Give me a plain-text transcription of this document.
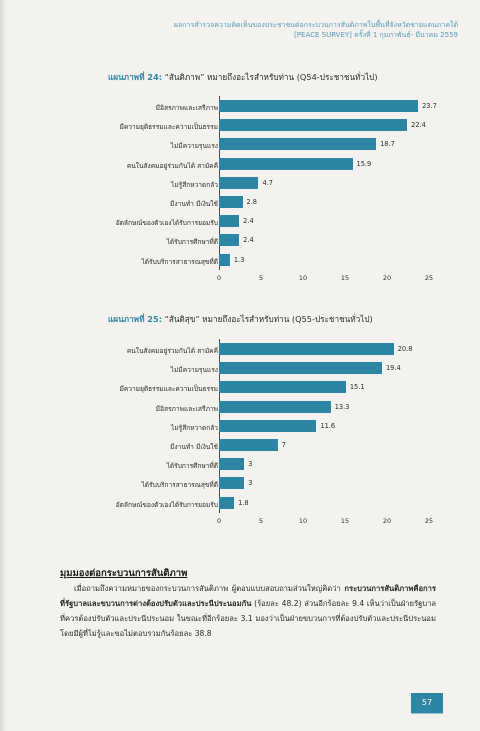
ผลการสำรวจความคิดเห็นของประชาชนต่อกระบวนการสันติภาพในพื้นที่จังหวัดชายแดนภาคใต้
[PEACE SURVEY] ครั้งที่ 1 กุมภาพันธ์- มีนาคม 2559
แผนภาพที่ 24: “สันติภาพ” หมายถึงอะไรสำหรับท่าน (Q54-ประชาชนทั่วไป)
มีอิสรภาพและเสรีภาพ	23.7
มีความยุติธรรมและความเป็นธรรม	22.4
ไม่มีความรุนแรง	18.7
คนในสังคมอยู่ร่วมกันได้ สามัคคี	15.9
ไม่รู้สึกหวาดกลัว	4.7
มีงานทำ มีเงินใช้	2.8
อัตลักษณ์ของตัวเองได้รับการยอมรับ	2.4
ได้รับการศึกษาที่ดี	2.4
ได้รับบริการสาธารณสุขที่ดี 1.3
0	5	10	15	20	25
แผนภาพที่ 25: “สันติสุข” หมายถึงอะไรสำหรับท่าน (Q55-ประชาชนทั่วไป)
คนในสังคมอยู่ร่วมกันได้ สามัคคี	20.8
ไม่มีความรุนแรง	19.4
มีความยุติธรรมและความเป็นธรรม	15.1
มีอิสรภาพและเสรีภาพ	13.3
ไม่รู้สึกหวาดกลัว	11.6
มีงานทำ มีเงินใช้	7
ได้รับการศึกษาที่ดี	3
ได้รับบริการสาธารณสุขที่ดี	3
อัตลักษณ์ของตัวเองได้รับการยอมรับ	1.8
0	5	10	15	20	25
มุมมองต่อกระบวนการสันติภาพ
เมื่อถามถึงความหมายของกระบวนการสันติภาพ ผู้ตอบแบบสอบถามส่วนใหญ่คิดว่า กระบวนการสันติภาพคือการที่รัฐบาลและขบวนการต่างต้องปรับตัวและประนีประนอมกัน (ร้อยละ 48.2) ส่วนอีกร้อยละ 9.4 เห็นว่าเป็นฝ่ายรัฐบาลที่ควรต้องปรับตัวและประนีประนอม ในขณะที่อีกร้อยละ 3.1 มองว่าเป็นฝ่ายขบวนการที่ต้องปรับตัวและประนีประนอม โดยมีผู้ที่ไม่รู้และขอไม่ตอบรวมกันร้อยละ 38.8
57
